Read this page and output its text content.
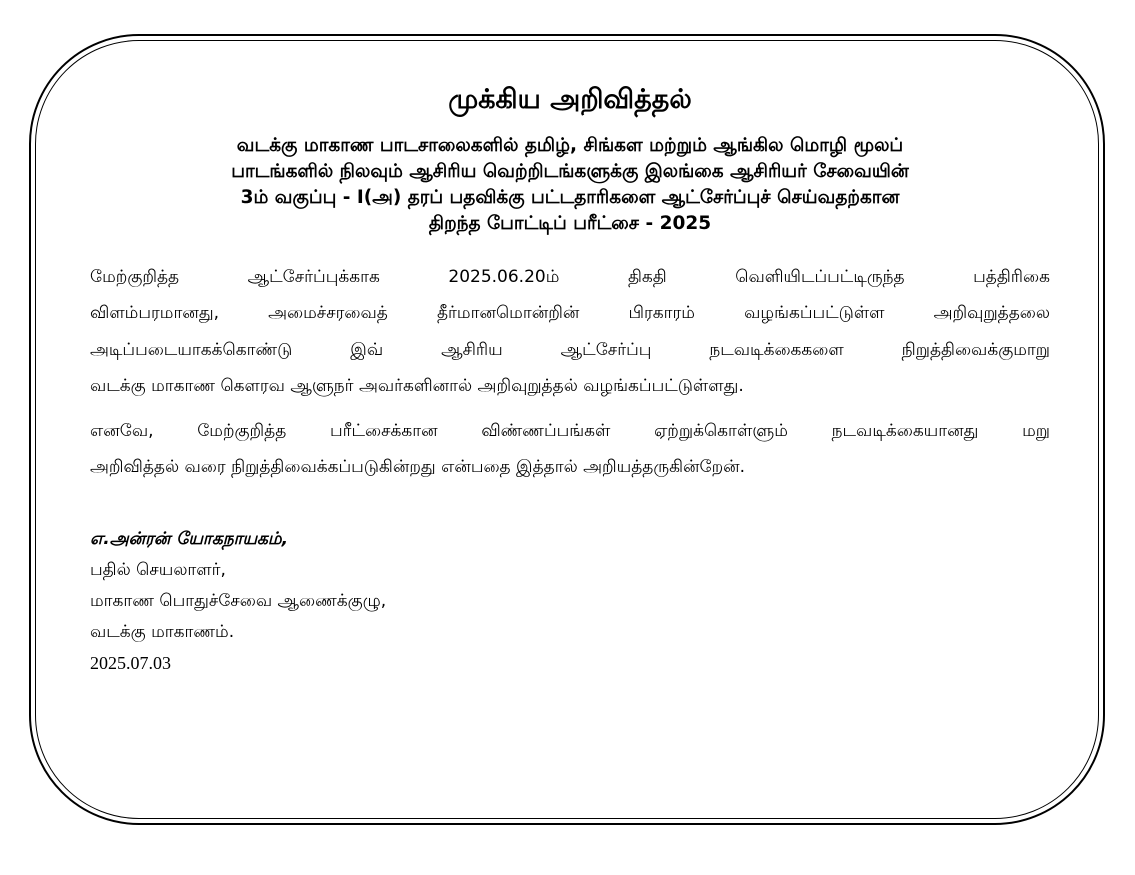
முக்கிய அறிவித்தல்
வடக்கு மாகாண பாடசாலைகளில் தமிழ், சிங்கள மற்றும் ஆங்கில மொழி மூலப்
பாடங்களில் நிலவும் ஆசிரிய வெற்றிடங்களுக்கு இலங்கை ஆசிரியர் சேவையின்
3ம் வகுப்பு - I(அ) தரப் பதவிக்கு பட்டதாரிகளை ஆட்சேர்ப்புச் செய்வதற்கான
திறந்த போட்டிப் பரீட்சை - 2025
மேற்குறித்த ஆட்சேர்ப்புக்காக 2025.06.20ம் திகதி வெளியிடப்பட்டிருந்த பத்திரிகை
விளம்பரமானது, அமைச்சரவைத் தீர்மானமொன்றின் பிரகாரம் வழங்கப்பட்டுள்ள அறிவுறுத்தலை
அடிப்படையாகக்கொண்டு இவ் ஆசிரிய ஆட்சேர்ப்பு நடவடிக்கைகளை நிறுத்திவைக்குமாறு
வடக்கு மாகாண கௌரவ ஆளுநர் அவர்களினால் அறிவுறுத்தல் வழங்கப்பட்டுள்ளது.
எனவே, மேற்குறித்த பரீட்சைக்கான விண்ணப்பங்கள் ஏற்றுக்கொள்ளும் நடவடிக்கையானது மறு
அறிவித்தல் வரை நிறுத்திவைக்கப்படுகின்றது என்பதை இத்தால் அறியத்தருகின்றேன்.
எ.அன்ரன் யோகநாயகம்,
பதில் செயலாளர்,
மாகாண பொதுச்சேவை ஆணைக்குழு,
வடக்கு மாகாணம்.
2025.07.03
